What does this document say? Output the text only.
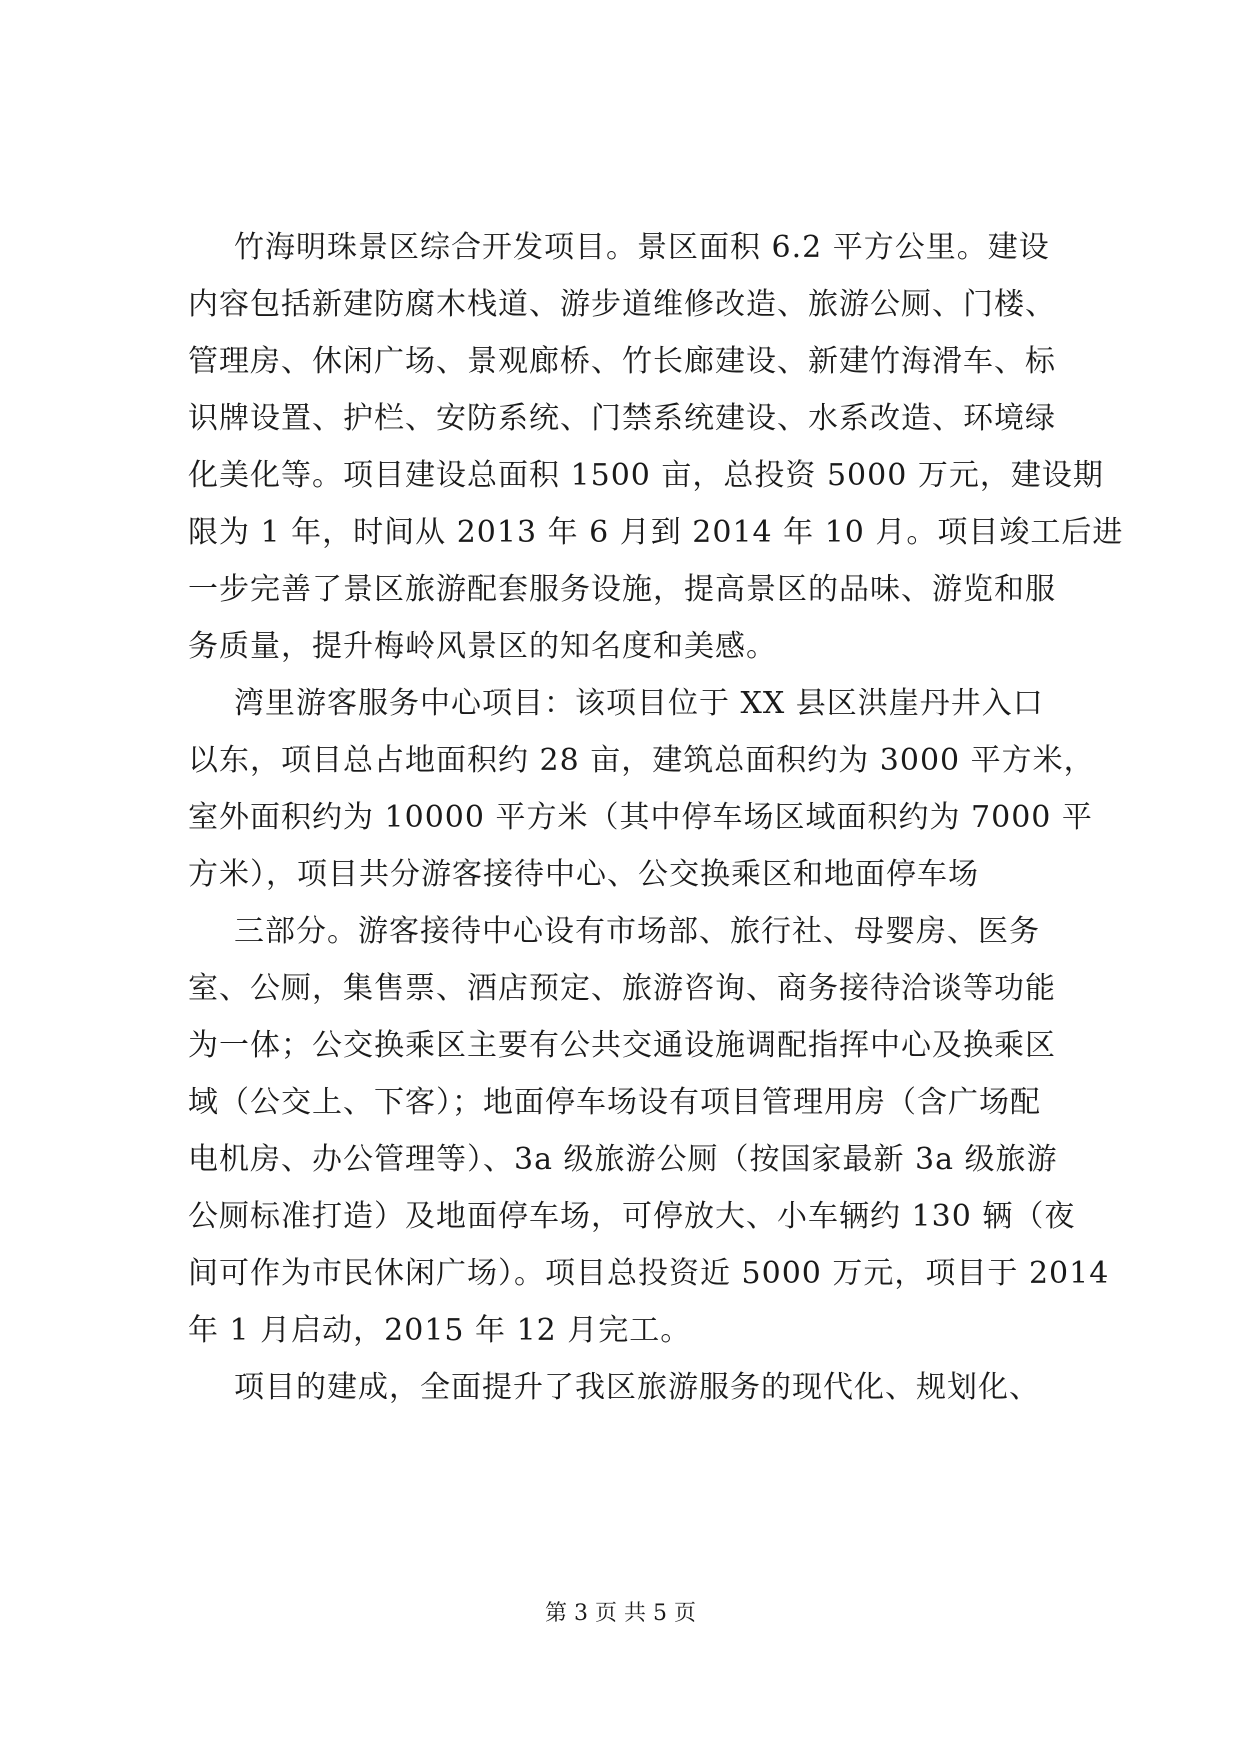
竹海明珠景区综合开发项目。景区面积 6.2 平方公里。建设
内容包括新建防腐木栈道、游步道维修改造、旅游公厕、门楼、
管理房、休闲广场、景观廊桥、竹长廊建设、新建竹海滑车、标
识牌设置、护栏、安防系统、门禁系统建设、水系改造、环境绿
化美化等。项目建设总面积 1500 亩，总投资 5000 万元，建设期
限为 1 年，时间从 2013 年 6 月到 2014 年 10 月。项目竣工后进
一步完善了景区旅游配套服务设施，提高景区的品味、游览和服
务质量，提升梅岭风景区的知名度和美感。
湾里游客服务中心项目：该项目位于 XX 县区洪崖丹井入口
以东，项目总占地面积约 28 亩，建筑总面积约为 3000 平方米，
室外面积约为 10000 平方米（其中停车场区域面积约为 7000 平
方米），项目共分游客接待中心、公交换乘区和地面停车场
三部分。游客接待中心设有市场部、旅行社、母婴房、医务
室、公厕，集售票、酒店预定、旅游咨询、商务接待洽谈等功能
为一体；公交换乘区主要有公共交通设施调配指挥中心及换乘区
域（公交上、下客）；地面停车场设有项目管理用房（含广场配
电机房、办公管理等）、3a 级旅游公厕（按国家最新 3a 级旅游
公厕标准打造）及地面停车场，可停放大、小车辆约 130 辆（夜
间可作为市民休闲广场）。项目总投资近 5000 万元，项目于 2014
年 1 月启动，2015 年 12 月完工。
项目的建成，全面提升了我区旅游服务的现代化、规划化、
第 3 页 共 5 页
